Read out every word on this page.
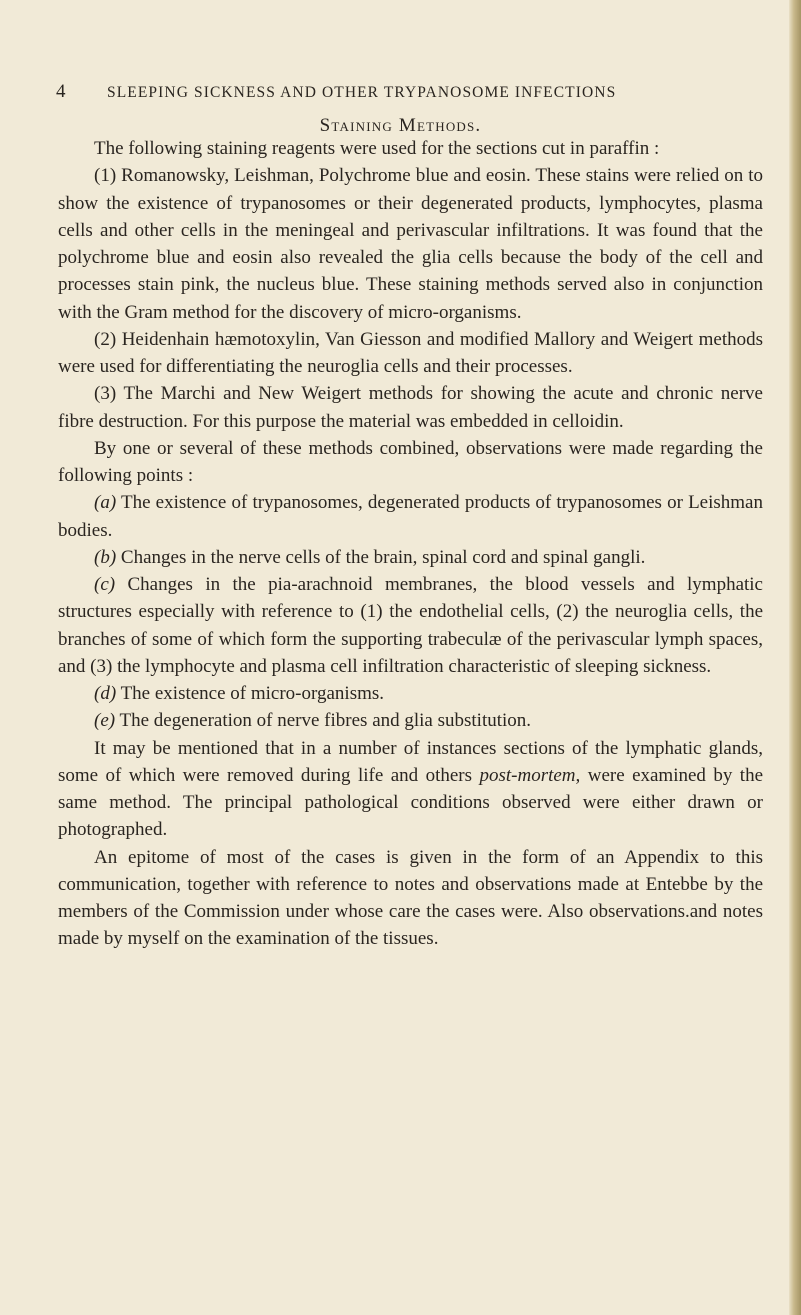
4	SLEEPING SICKNESS AND OTHER TRYPANOSOME INFECTIONS
Staining Methods.

The following staining reagents were used for the sections cut in paraffin :

(1) Romanowsky, Leishman, Polychrome blue and eosin. These stains were relied on to show the existence of trypanosomes or their degenerated products, lymphocytes, plasma cells and other cells in the meningeal and perivascular infiltrations. It was found that the polychrome blue and eosin also revealed the glia cells because the body of the cell and processes stain pink, the nucleus blue. These staining methods served also in conjunction with the Gram method for the discovery of micro-organisms.

(2) Heidenhain hæmotoxylin, Van Giesson and modified Mallory and Weigert methods were used for differentiating the neuroglia cells and their processes.

(3) The Marchi and New Weigert methods for showing the acute and chronic nerve fibre destruction. For this purpose the material was embedded in celloidin.

By one or several of these methods combined, observations were made regarding the following points :

(a) The existence of trypanosomes, degenerated products of trypanosomes or Leishman bodies.

(b) Changes in the nerve cells of the brain, spinal cord and spinal gangli.

(c) Changes in the pia-arachnoid membranes, the blood vessels and lymphatic structures especially with reference to (1) the endothelial cells, (2) the neuroglia cells, the branches of some of which form the supporting trabeculæ of the perivascular lymph spaces, and (3) the lymphocyte and plasma cell infiltration characteristic of sleeping sickness.

(d) The existence of micro-organisms.

(e) The degeneration of nerve fibres and glia substitution.

It may be mentioned that in a number of instances sections of the lymphatic glands, some of which were removed during life and others post-mortem, were examined by the same method. The principal pathological conditions observed were either drawn or photographed.

An epitome of most of the cases is given in the form of an Appendix to this communication, together with reference to notes and observations made at Entebbe by the members of the Commission under whose care the cases were. Also observations.and notes made by myself on the examination of the tissues.
